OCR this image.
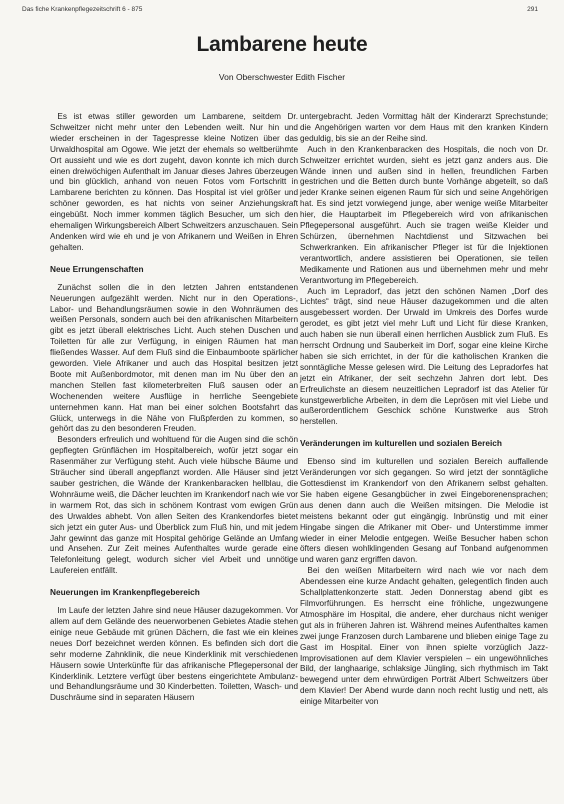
Das fiche Krankenpflegezeitschrift 6 - 875	291
Lambarene heute
Von Oberschwester Edith Fischer

Es ist etwas stiller geworden um Lambarene, seitdem Dr. Schweitzer nicht mehr unter den Lebenden weilt. Nur hin und wieder erscheinen in der Tagespresse kleine Notizen über das Urwaldhospital am Ogowe. Wie jetzt der ehemals so weltberühmte Ort aussieht und wie es dort zugeht, davon konnte ich mich durch einen dreiwöchigen Aufenthalt im Januar dieses Jahres überzeugen und bin glücklich, anhand von neuen Fotos vom Fortschritt in Lambarene berichten zu können. Das Hospital ist viel größer und schöner geworden, es hat nichts von seiner Anziehungskraft eingebüßt. Noch immer kommen täglich Besucher, um sich den ehemaligen Wirkungsbereich Albert Schweitzers anzuschauen. Sein Andenken wird wie eh und je von Afrikanern und Weißen in Ehren gehalten.

Neue Errungenschaften

Zunächst sollen die in den letzten Jahren entstandenen Neuerungen aufgezählt werden. Nicht nur in den Operations-, Labor- und Behandlungsräumen sowie in den Wohnräumen des weißen Personals, sondern auch bei den afrikanischen Mitarbeitern gibt es jetzt überall elektrisches Licht. Auch stehen Duschen und Toiletten für alle zur Verfügung, in einigen Räumen hat man fließendes Wasser. Auf dem Fluß sind die Einbaumboote spärlicher geworden. Viele Afrikaner und auch das Hospital besitzen jetzt Boote mit Außenbordmotor, mit denen man im Nu über den an manchen Stellen fast kilometerbreiten Fluß sausen oder an Wochenenden weitere Ausflüge in herrliche Seengebiete unternehmen kann. Hat man bei einer solchen Bootsfahrt das Glück, unterwegs in die Nähe von Flußpferden zu kommen, so gehört das zu den besonderen Freuden.

Besonders erfreulich und wohltuend für die Augen sind die schön gepflegten Grünflächen im Hospitalbereich, wofür jetzt sogar ein Rasenmäher zur Verfügung steht. Auch viele hübsche Bäume und Sträucher sind überall angepflanzt worden. Alle Häuser sind jetzt sauber gestrichen, die Wände der Krankenbaracken hellblau, die Wohnräume weiß, die Dächer leuchten im Krankendorf nach wie vor in warmem Rot, das sich in schönem Kontrast vom ewigen Grün des Urwaldes abhebt. Von allen Seiten des Krankendorfes bietet sich jetzt ein guter Aus- und Überblick zum Fluß hin, und mit jedem Jahr gewinnt das ganze mit Hospital gehörige Gelände an Umfang und Ansehen. Zur Zeit meines Aufenthaltes wurde gerade eine Telefonleitung gelegt, wodurch sicher viel Arbeit und unnötige Laufereien entfällt.

Neuerungen im Krankenpflegebereich

Im Laufe der letzten Jahre sind neue Häuser dazugekommen. Vor allem auf dem Gelände des neuerworbenen Gebietes Atadie stehen einige neue Gebäude mit grünen Dächern, die fast wie ein kleines neues Dorf bezeichnet werden können. Es befinden sich dort die sehr moderne Zahnklinik, die neue Kinderklinik mit verschiedenen Häusern sowie Unterkünfte für das afrikanische Pflegepersonal der Kinderklinik. Letztere verfügt über bestens eingerichtete Ambulanz- und Behandlungsräume und 30 Kinderbetten. Toiletten, Wasch- und Duschräume sind in separaten Häusern

untergebracht. Jeden Vormittag hält der Kinderarzt Sprechstunde; die Angehörigen warten vor dem Haus mit den kranken Kindern geduldig, bis sie an der Reihe sind.

Auch in den Krankenbaracken des Hospitals, die noch von Dr. Schweitzer errichtet wurden, sieht es jetzt ganz anders aus. Die Wände innen und außen sind in hellen, freundlichen Farben gestrichen und die Betten durch bunte Vorhänge abgeteilt, so daß jeder Kranke seinen eigenen Raum für sich und seine Angehörigen hat. Es sind jetzt vorwiegend junge, aber wenige weiße Mitarbeiter hier, die Hauptarbeit im Pflegebereich wird von afrikanischen Pflegepersonal ausgeführt. Auch sie tragen weiße Kleider und Schürzen, übernehmen Nachtdienst und Sitzwachen bei Schwerkranken. Ein afrikanischer Pfleger ist für die Injektionen verantwortlich, andere assistieren bei Operationen, sie teilen Medikamente und Rationen aus und übernehmen mehr und mehr Verantwortung im Pflegebereich.

Auch im Lepradorf, das jetzt den schönen Namen „Dorf des Lichtes“ trägt, sind neue Häuser dazugekommen und die alten ausgebessert worden. Der Urwald im Umkreis des Dorfes wurde gerodet, es gibt jetzt viel mehr Luft und Licht für diese Kranken, auch haben sie nun überall einen herrlichen Ausblick zum Fluß. Es herrscht Ordnung und Sauberkeit im Dorf, sogar eine kleine Kirche haben sie sich errichtet, in der für die katholischen Kranken die sonntägliche Messe gelesen wird. Die Leitung des Lepradorfes hat jetzt ein Afrikaner, der seit sechzehn Jahren dort lebt. Des Erfreulichste an diesem neuzeitlichen Lepradorf ist das Atelier für kunstgewerbliche Arbeiten, in dem die Leprösen mit viel Liebe und außerordentlichem Geschick schöne Kunstwerke aus Stroh herstellen.

Veränderungen im kulturellen und sozialen Bereich

Ebenso sind im kulturellen und sozialen Bereich auffallende Veränderungen vor sich gegangen. So wird jetzt der sonntägliche Gottesdienst im Krankendorf von den Afrikanern selbst gehalten. Sie haben eigene Gesangbücher in zwei Eingeborenensprachen; aus denen dann auch die Weißen mitsingen. Die Melodie ist meistens bekannt oder gut eingängig. Inbrünstig und mit einer Hingabe singen die Afrikaner mit Ober- und Unterstimme immer wieder in einer Melodie entgegen. Weiße Besucher haben schon öfters diesen wohlklingenden Gesang auf Tonband aufgenommen und waren ganz ergriffen davon.

Bei den weißen Mitarbeitern wird nach wie vor nach dem Abendessen eine kurze Andacht gehalten, gelegentlich finden auch Schallplattenkonzerte statt. Jeden Donnerstag abend gibt es Filmvorführungen. Es herrscht eine fröhliche, ungezwungene Atmosphäre im Hospital, die andere, eher durchaus nicht weniger gut als in früheren Jahren ist. Während meines Aufenthaltes kamen zwei junge Franzosen durch Lambarene und blieben einige Tage zu Gast im Hospital. Einer von ihnen spielte vorzüglich Jazz-Improvisationen auf dem Klavier verspielen – ein ungewöhnliches Bild, der langhaarige, schlaksige Jüngling, sich rhythmisch im Takt bewegend unter dem ehrwürdigen Porträt Albert Schweitzers über dem Klavier! Der Abend wurde dann noch recht lustig und nett, als einige Mitarbeiter von
